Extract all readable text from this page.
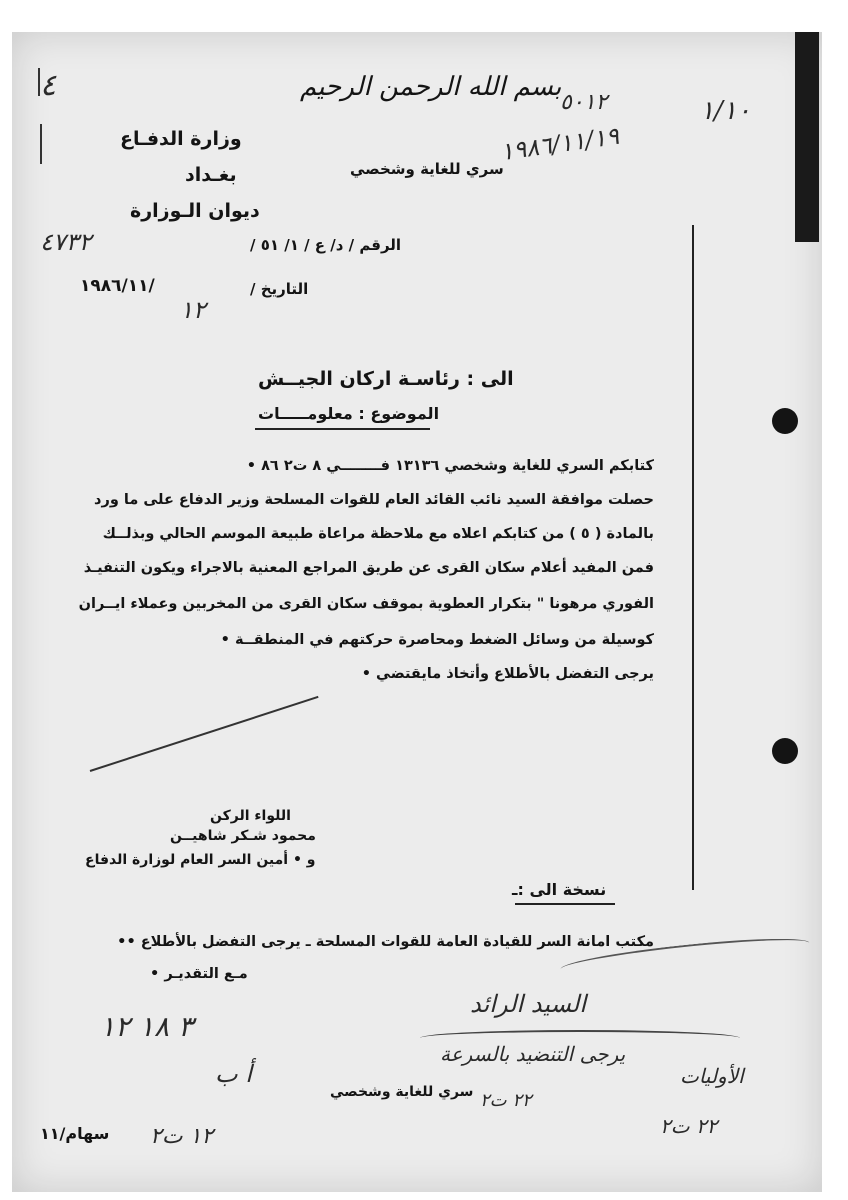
بسم الله الرحمن الرحيم
وزارة الدفـاع
بغـداد
ديوان الـوزارة
سري للغاية وشخصي
الرقم / د/ ع / ١/ ٥١ /
٤٧٣٢
التاريخ /
١٩٨٦/١١/
١٢
٥٠١٢
١٩٨٦/١١/١٩
١/١٠
٤
الى : رئاسـة اركان الجيــش
الموضوع : معلومـــــات
كتابكم السري للغاية وشخصي ١٣١٣٦ فــــــــي ٨ ت٢ ٨٦ •
حصلت موافقة السيد نائب القائد العام للقوات المسلحة وزير الدفاع على ما ورد
بالمادة ( ٥ ) من كتابكم اعلاه مع ملاحظة مراعاة طبيعة الموسم الحالي وبذلــك
فمن المفيد أعلام سكان القرى عن طريق المراجع المعنية بالاجراء ويكون التنفيـذ
الفوري مرهونا " بتكرار العطوية بموقف سكان القرى من المخربين وعملاء ايــران
كوسيلة من وسائل الضغط ومحاصرة حركتهم في المنطقــة •
يرجى التفضل بالأطلاع وأتخاذ مايقتضي •
اللواء الركن
محمود شـكر شاهيــن
و • أمين السر العام لوزارة الدفاع
نسخة الى :ـ
مكتب امانة السر للقيادة العامة للقوات المسلحة ـ يرجى التفضل بالأطلاع ••
مـع التقديـر •
السيد الرائد
٣ ١٨ ١٢
يرجى التنضيد بالسرعة
الأوليات
٢٢ ت٢
٢٢ ت٢
أ ب
١٢ ت٢
سري للغاية وشخصي
سهام/١١
